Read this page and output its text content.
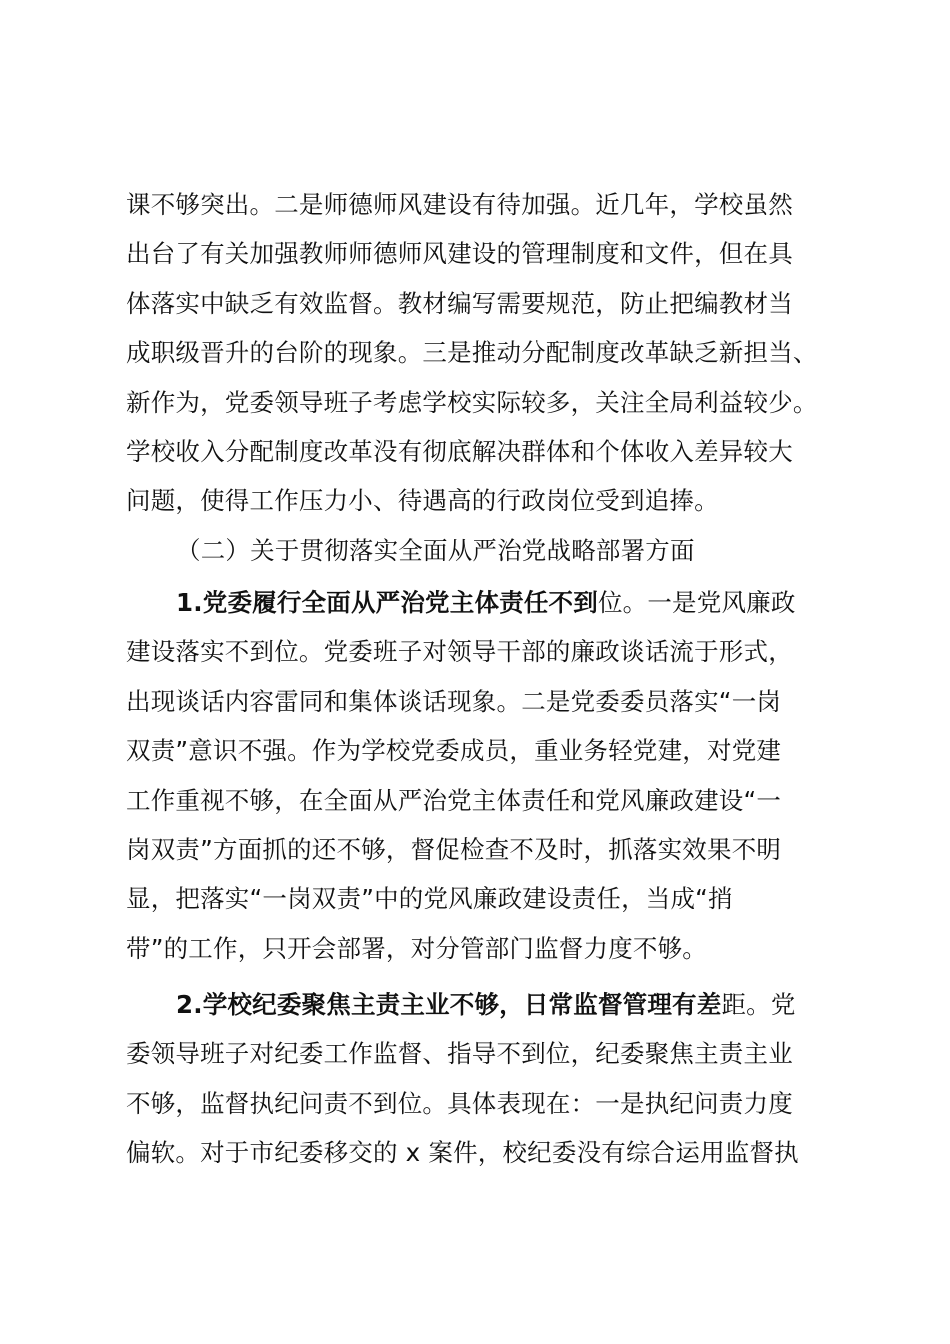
课不够突出。二是师德师风建设有待加强。近几年，学校虽然
出台了有关加强教师师德师风建设的管理制度和文件，但在具
体落实中缺乏有效监督。教材编写需要规范，防止把编教材当
成职级晋升的台阶的现象。三是推动分配制度改革缺乏新担当、
新作为，党委领导班子考虑学校实际较多，关注全局利益较少。
学校收入分配制度改革没有彻底解决群体和个体收入差异较大
问题，使得工作压力小、待遇高的行政岗位受到追捧。
（二）关于贯彻落实全面从严治党战略部署方面
1.党委履行全面从严治党主体责任不到位。一是党风廉政
建设落实不到位。党委班子对领导干部的廉政谈话流于形式，
出现谈话内容雷同和集体谈话现象。二是党委委员落实“一岗
双责”意识不强。作为学校党委成员，重业务轻党建，对党建
工作重视不够，在全面从严治党主体责任和党风廉政建设“一
岗双责”方面抓的还不够，督促检查不及时，抓落实效果不明
显，把落实“一岗双责”中的党风廉政建设责任，当成“捎
带”的工作，只开会部署，对分管部门监督力度不够。
2.学校纪委聚焦主责主业不够，日常监督管理有差距。党
委领导班子对纪委工作监督、指导不到位，纪委聚焦主责主业
不够，监督执纪问责不到位。具体表现在：一是执纪问责力度
偏软。对于市纪委移交的 x 案件，校纪委没有综合运用监督执
